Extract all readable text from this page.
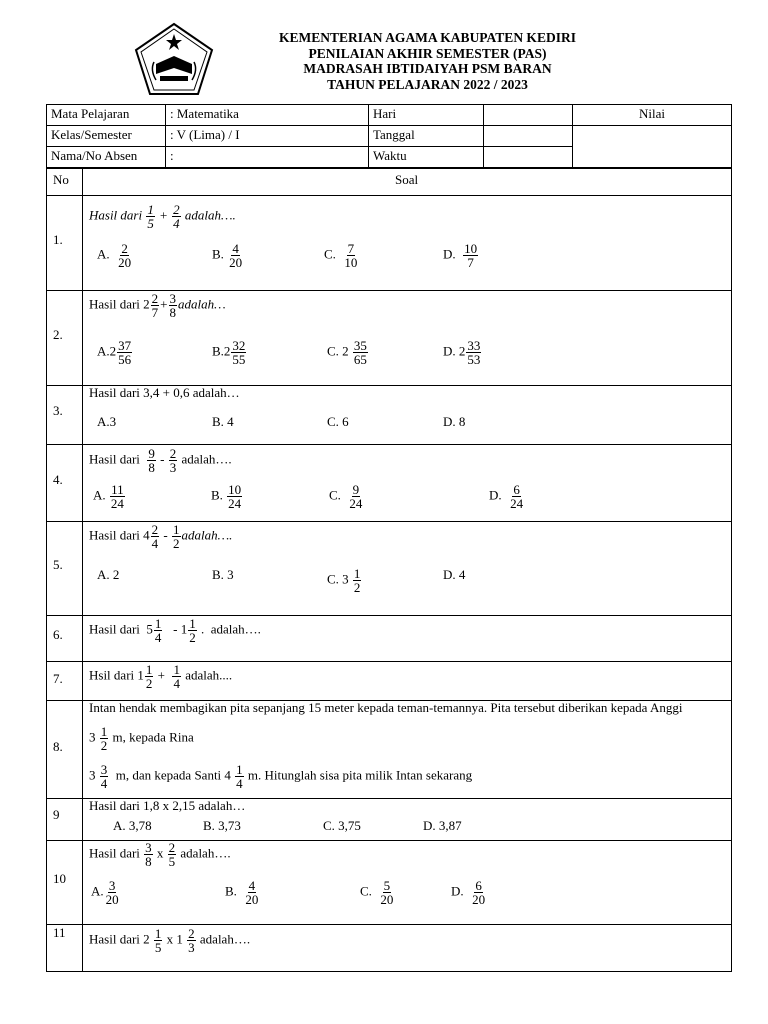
KEMENTERIAN AGAMA KABUPATEN KEDIRI
PENILAIAN AKHIR SEMESTER (PAS)
MADRASAH IBTIDAIYAH PSM BARAN
TAHUN PELAJARAN 2022 / 2023
Mata Pelajaran	: Matematika	Hari		Nilai
Kelas/Semester	: V (Lima) / I	Tanggal		
Nama/No Absen	:	Waktu		
No	Soal
1.
Hasil dari $\frac{1}{5} + \frac{2}{4}$ adalah….
A. $\frac{2}{20}$	B. $\frac{4}{20}$	C. $\frac{7}{10}$	D. $\frac{10}{7}$
2.
Hasil dari $2 \frac{2}{7} + \frac{3}{8}$ adalah…
$A.2 \frac{37}{56}$	$B.2 \frac{32}{55}$	C. $2 \frac{35}{65}$	D. $2 \frac{33}{53}$
3.
Hasil dari 3,4 + 0,6 adalah…
A.3	B. 4	C. 6	D. 8
4.
Hasil dari $\frac{9}{8} - \frac{2}{3}$ adalah….
A. $\frac{11}{24}$	B. $\frac{10}{24}$	C. $\frac{9}{24}$	D. $\frac{6}{24}$
5.
Hasil dari $4 \frac{2}{4} - \frac{1}{2}$ adalah….
A. 2	B. 3	C. $3 \frac{1}{2}$	D. 4
6. Hasil dari  $5 \frac{1}{4} - 1 \frac{1}{2}$ .  adalah….
7. Hsil dari $1 \frac{1}{2} + \frac{1}{4}$ adalah....
8.
Intan hendak membagikan pita sepanjang 15 meter kepada teman-temannya. Pita tersebut diberikan kepada Anggi
$3 \frac{1}{2} m$, kepada Rina
$3 \frac{3}{4} m$, dan kepada Santi $4 \frac{1}{4} m$. Hitunglah sisa pita milik Intan sekarang
9
Hasil dari 1,8 x 2,15 adalah…
A. 3,78	B. 3,73	C. 3,75	D. 3,87
10
Hasil dari $\frac{3}{8}$ x $\frac{2}{5}$ adalah….
A. $\frac{3}{20}$	B. $\frac{4}{20}$	C. $\frac{5}{20}$	D. $\frac{6}{20}$
11 Hasil dari $2 \frac{1}{5}$ x $1 \frac{2}{3}$ adalah….
